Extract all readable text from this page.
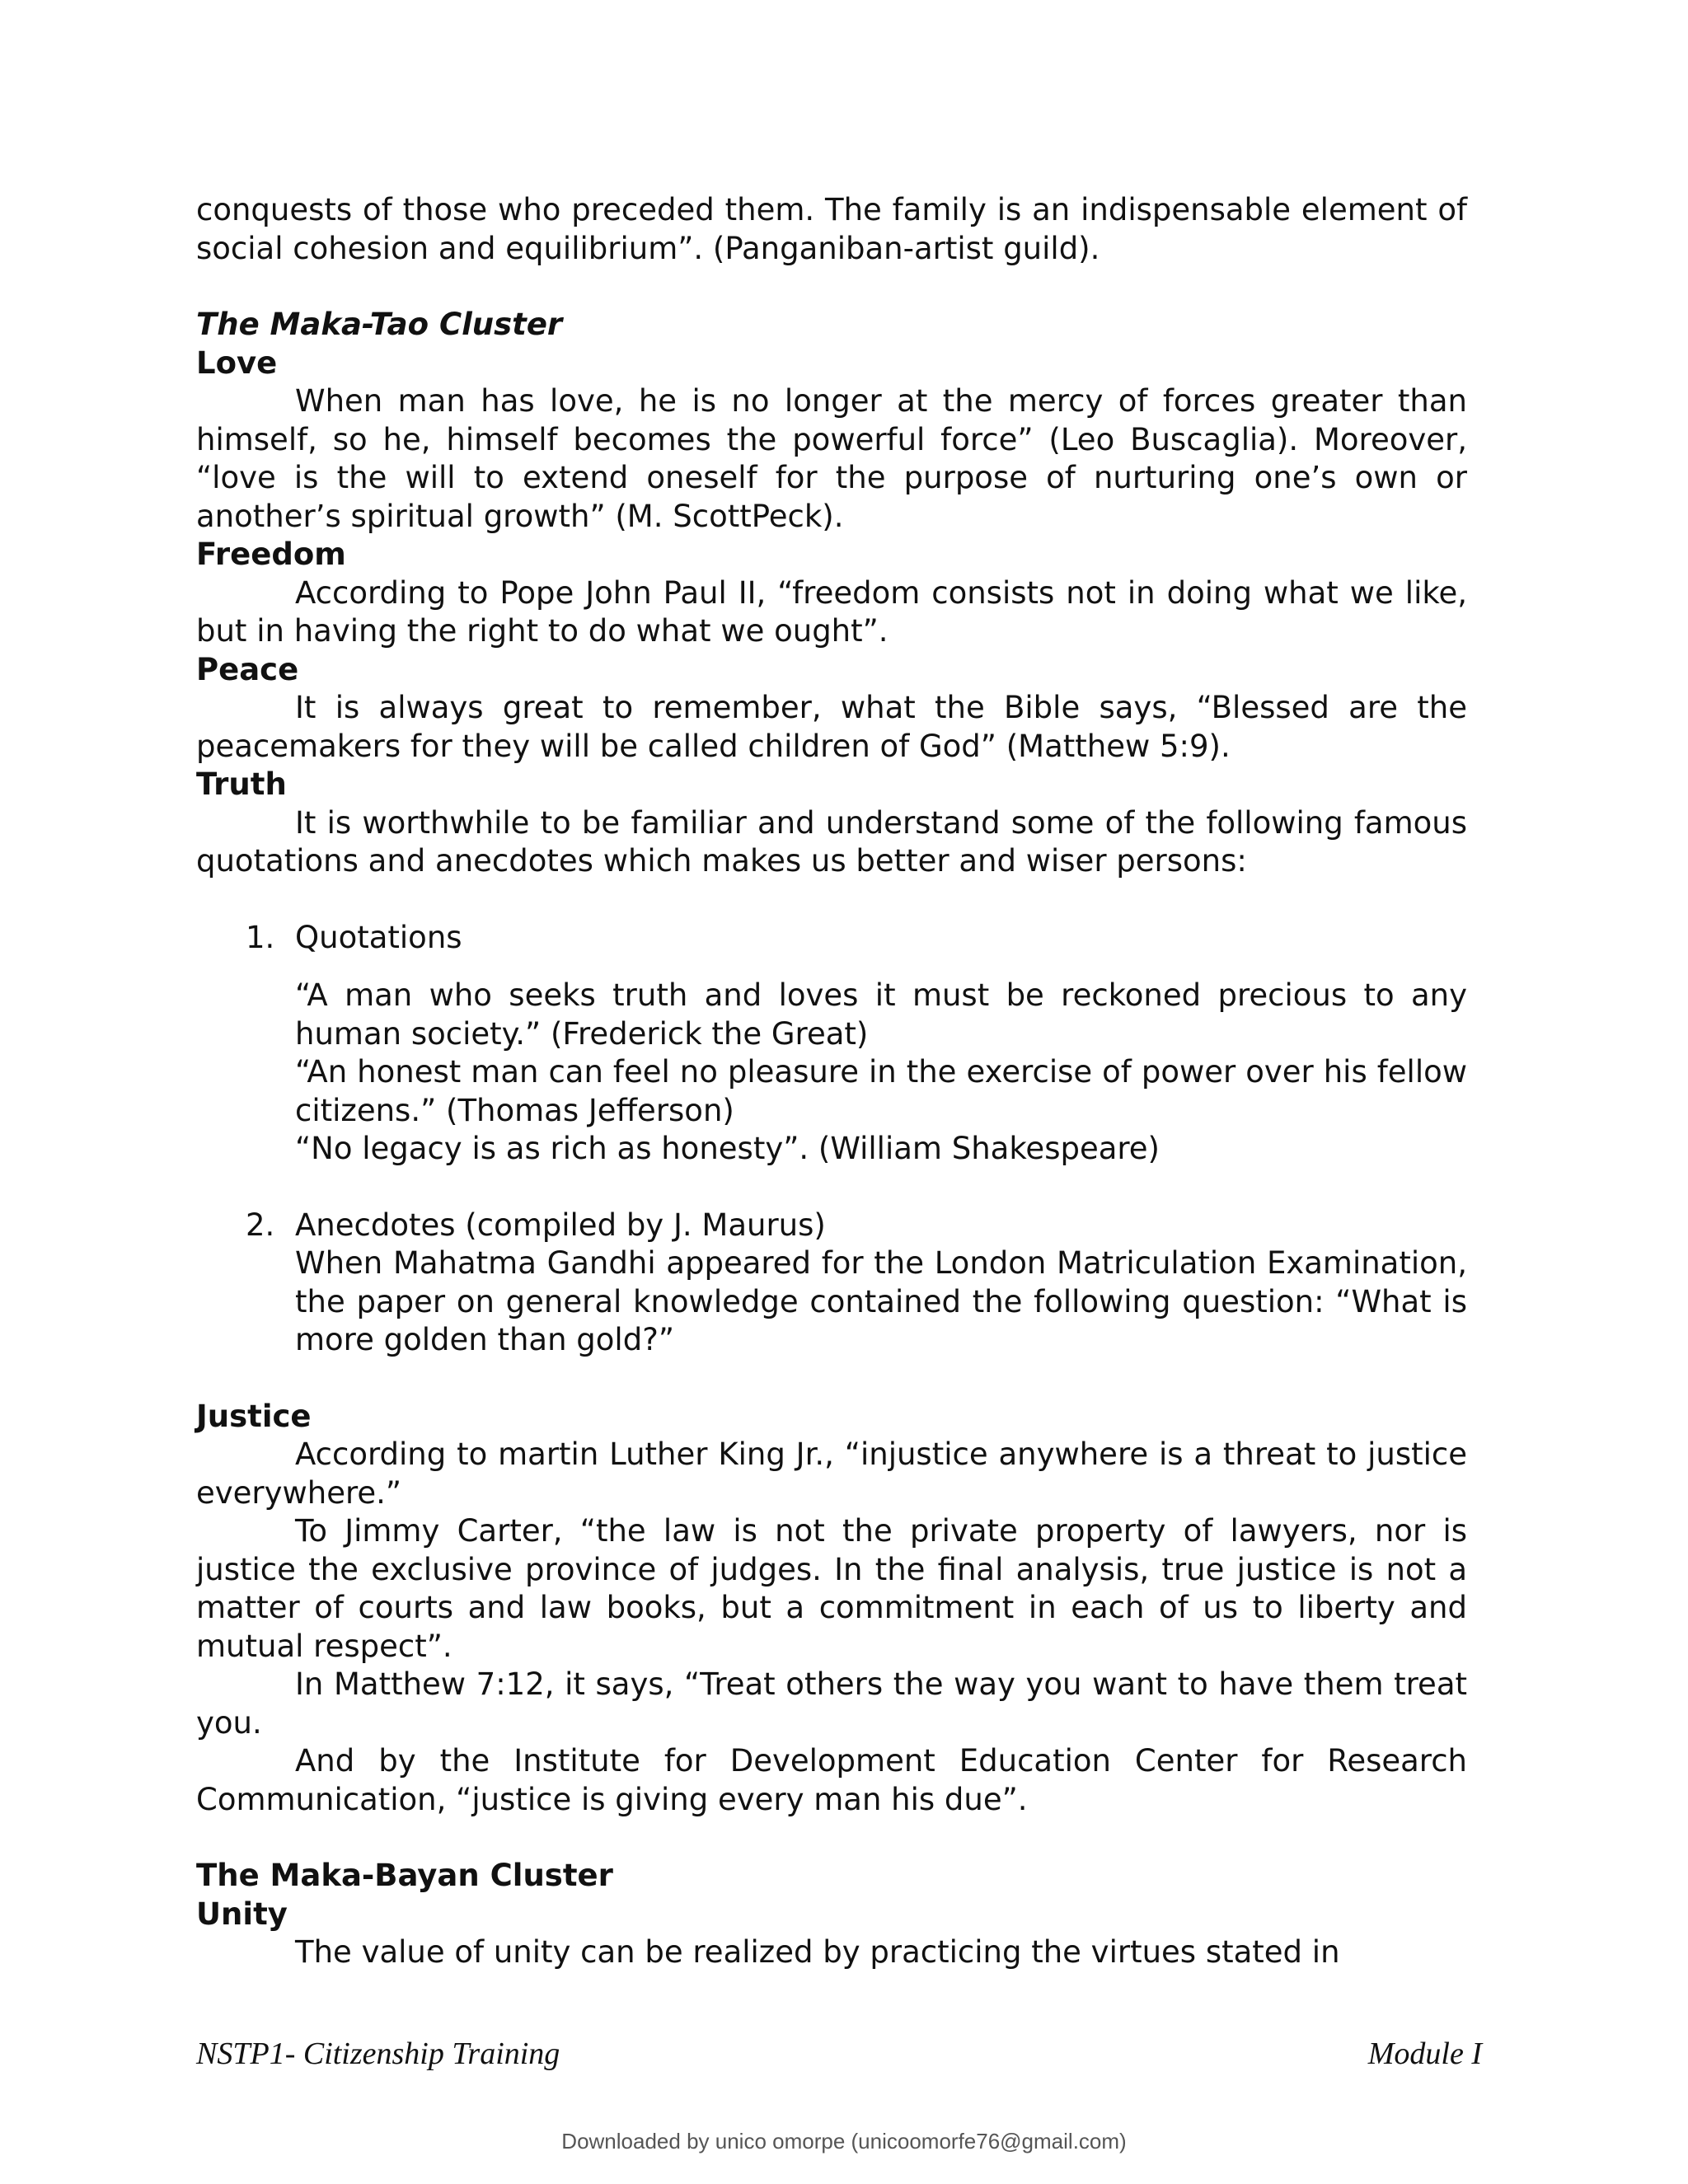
conquests of those who preceded them. The family is an indispensable element of social cohesion and equilibrium”. (Panganiban-artist guild).

The Maka-Tao Cluster
Love

When man has love, he is no longer at the mercy of forces greater than himself, so he, himself becomes the powerful force” (Leo Buscaglia). Moreover, “love is the will to extend oneself for the purpose of nurturing one’s own or another’s spiritual growth” (M. ScottPeck).

Freedom

According to Pope John Paul II, “freedom consists not in doing what we like, but in having the right to do what we ought”.

Peace

It is always great to remember, what the Bible says, “Blessed are the peacemakers for they will be called children of God” (Matthew 5:9).

Truth

It is worthwhile to be familiar and understand some of the following famous quotations and anecdotes which makes us better and wiser persons:

1. Quotations

“A man who seeks truth and loves it must be reckoned precious to any human society.” (Frederick the Great)

“An honest man can feel no pleasure in the exercise of power over his fellow citizens.” (Thomas Jefferson)

“No legacy is as rich as honesty”. (William Shakespeare)

2. Anecdotes (compiled by J. Maurus)

When Mahatma Gandhi appeared for the London Matriculation Examination, the paper on general knowledge contained the following question: “What is more golden than gold?”

Justice

According to martin Luther King Jr., “injustice anywhere is a threat to justice everywhere.”

To Jimmy Carter, “the law is not the private property of lawyers, nor is justice the exclusive province of judges. In the final analysis, true justice is not a matter of courts and law books, but a commitment in each of us to liberty and mutual respect”.

In Matthew 7:12, it says, “Treat others the way you want to have them treat you.

And by the Institute for Development Education Center for Research Communication, “justice is giving every man his due”.

The Maka-Bayan Cluster
Unity

The value of unity can be realized by practicing the virtues stated in

NSTP1- Citizenship Training	Module I
Downloaded by unico omorpe (unicoomorfe76@gmail.com)
